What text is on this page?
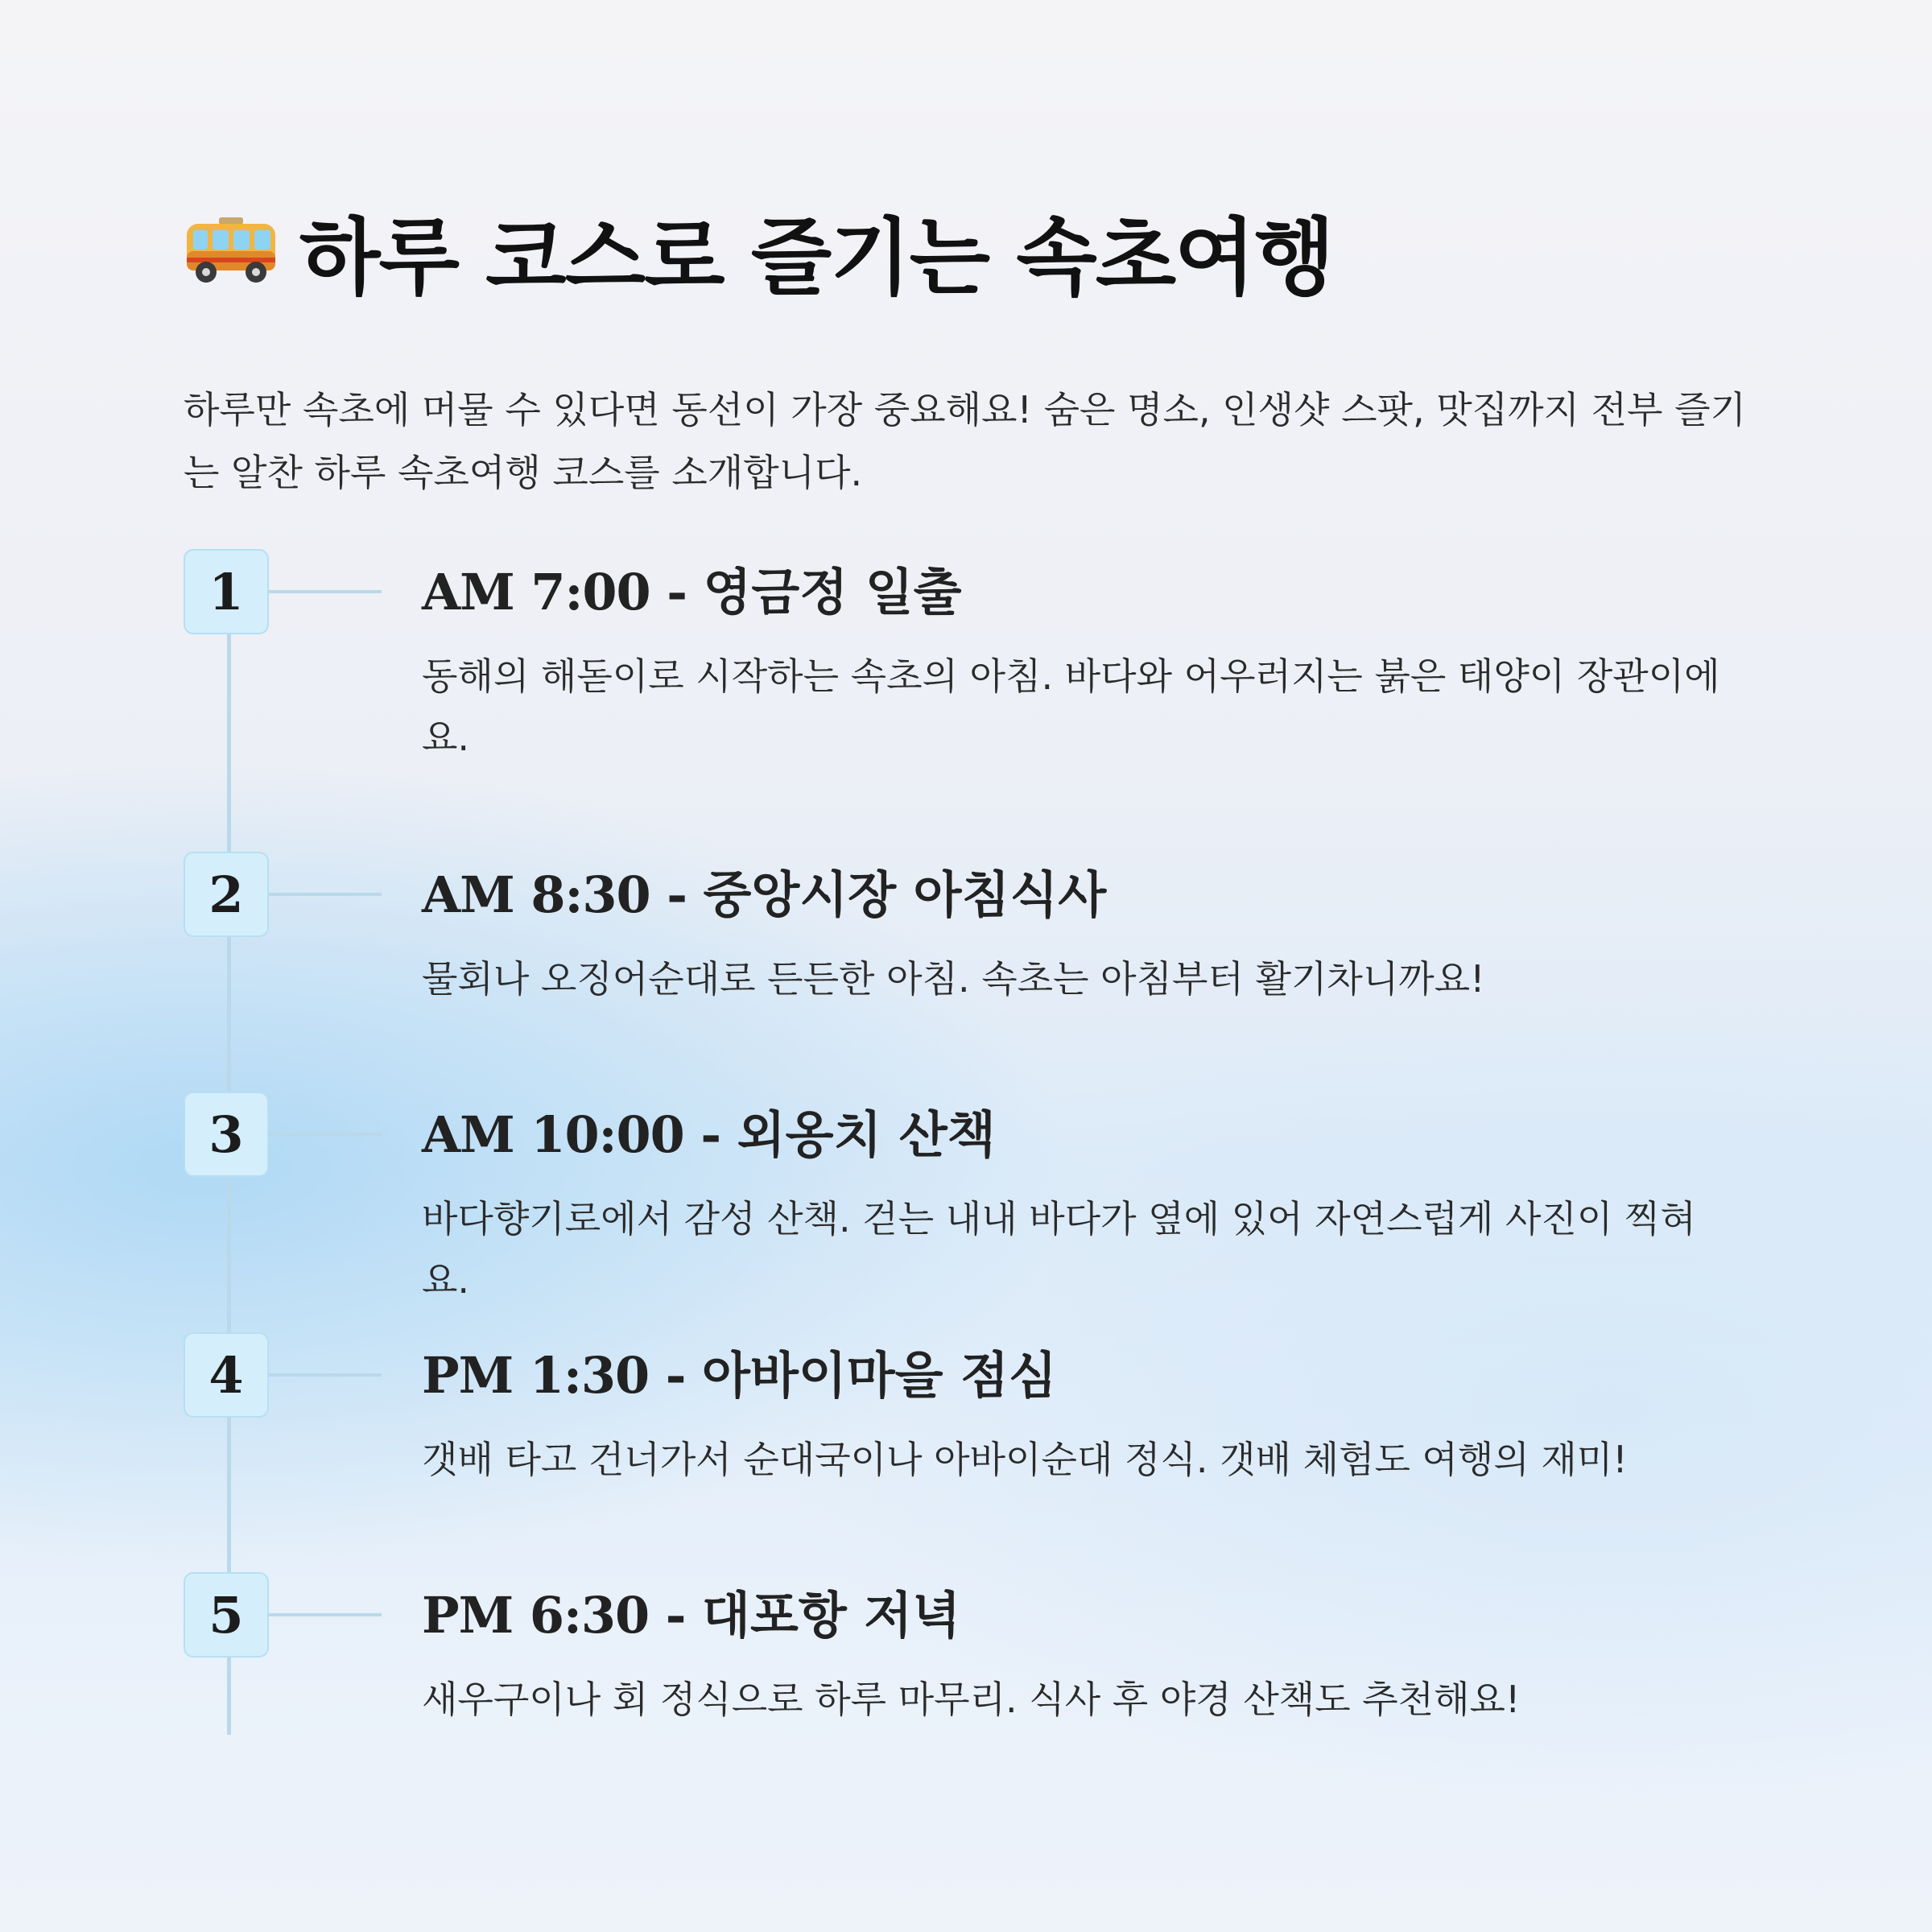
하루 코스로 즐기는 속초여행

하루만 속초에 머물 수 있다면 동선이 가장 중요해요! 숨은 명소, 인생샷 스팟, 맛집까지 전부 즐기는 알찬 하루 속초여행 코스를 소개합니다.

1	AM 7:00 - 영금정 일출

동해의 해돋이로 시작하는 속초의 아침. 바다와 어우러지는 붉은 태양이 장관이에요.

2	AM 8:30 - 중앙시장 아침식사

물회나 오징어순대로 든든한 아침. 속초는 아침부터 활기차니까요!

3	AM 10:00 - 외옹치 산책

바다향기로에서 감성 산책. 걷는 내내 바다가 옆에 있어 자연스럽게 사진이 찍혀요.

4	PM 1:30 - 아바이마을 점심

갯배 타고 건너가서 순대국이나 아바이순대 정식. 갯배 체험도 여행의 재미!

5	PM 6:30 - 대포항 저녁

새우구이나 회 정식으로 하루 마무리. 식사 후 야경 산책도 추천해요!
